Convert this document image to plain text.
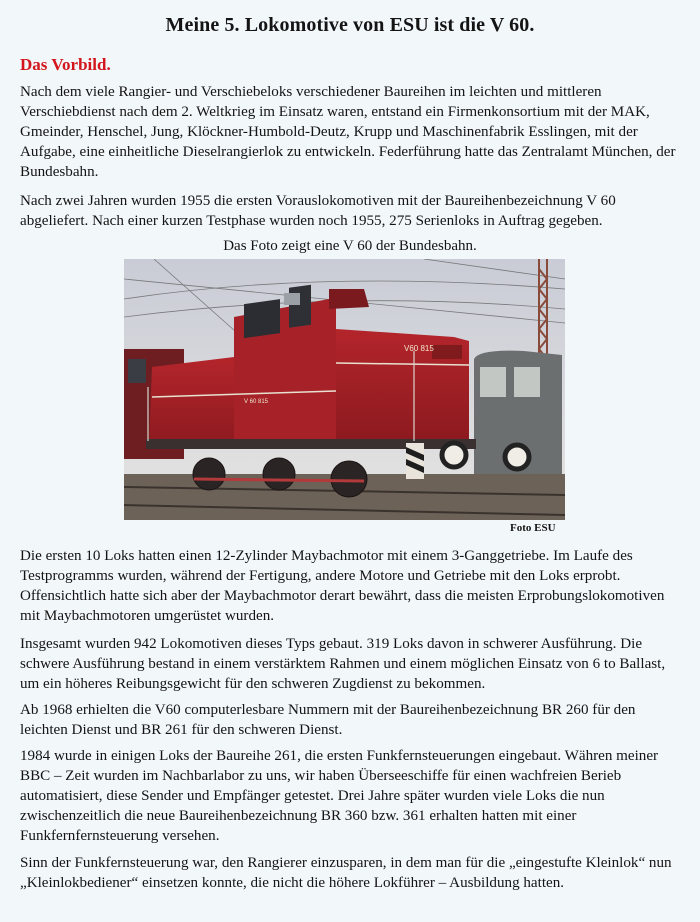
Meine 5. Lokomotive von ESU ist die V 60.

Das Vorbild.

Nach dem viele Rangier- und Verschiebeloks verschiedener Baureihen im leichten und mittleren Verschiebdienst nach dem 2. Weltkrieg im Einsatz waren, entstand ein Firmenkonsortium mit der MAK, Gmeinder, Henschel, Jung, Klöckner-Humbold-Deutz, Krupp und Maschinenfabrik Esslingen, mit der Aufgabe, eine einheitliche Dieselrangierlok zu entwickeln. Federführung hatte das Zentralamt München, der Bundesbahn.

Nach zwei Jahren wurden 1955 die ersten Vorauslokomotiven mit der Baureihenbezeichnung V 60 abgeliefert. Nach einer kurzen Testphase wurden noch 1955, 275 Serienloks in Auftrag gegeben.

Das Foto zeigt eine V 60 der Bundesbahn.

V60 815
V 60 815

Foto ESU

Die ersten 10 Loks hatten einen 12-Zylinder Maybachmotor mit einem 3-Ganggetriebe. Im Laufe des Testprogramms wurden, während der Fertigung, andere Motore und Getriebe mit den Loks erprobt. Offensichtlich hatte sich aber der Maybachmotor derart bewährt, dass die meisten Erprobungslokomotiven mit Maybachmotoren umgerüstet wurden.

Insgesamt wurden 942 Lokomotiven dieses Typs gebaut. 319 Loks davon in schwerer Ausführung. Die schwere Ausführung bestand in einem verstärktem Rahmen und einem möglichen Einsatz von 6 to Ballast, um ein höheres Reibungsgewicht für den schweren Zugdienst zu bekommen.

Ab 1968 erhielten die V60 computerlesbare Nummern mit der Baureihenbezeichnung BR 260 für den leichten Dienst und BR 261 für den schweren Dienst.

1984 wurde in einigen Loks der Baureihe 261, die ersten Funkfernsteuerungen eingebaut. Währen meiner BBC – Zeit wurden im Nachbarlabor zu uns, wir haben Überseeschiffe für einen wachfreien Berieb automatisiert, diese Sender und Empfänger getestet. Drei Jahre später wurden viele Loks die nun zwischenzeitlich die neue Baureihenbezeichnung BR 360 bzw. 361 erhalten hatten mit einer Funkfernfernsteuerung versehen.

Sinn der Funkfernsteuerung war, den Rangierer einzusparen, in dem man für die „eingestufte Kleinlok“ nun „Kleinlokbediener“ einsetzen konnte, die nicht die höhere Lokführer – Ausbildung hatten.
